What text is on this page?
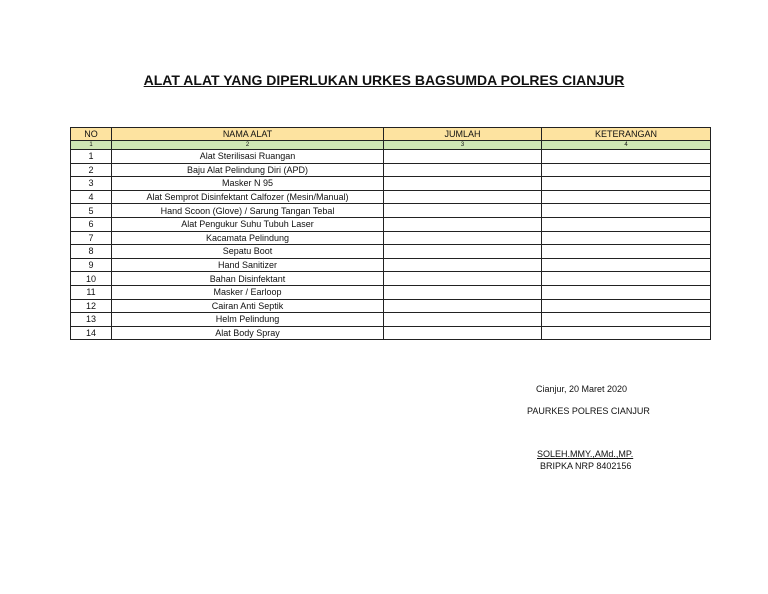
ALAT ALAT YANG DIPERLUKAN URKES BAGSUMDA POLRES CIANJUR
NO	NAMA ALAT	JUMLAH	KETERANGAN
1	2	3	4
1	Alat Sterilisasi Ruangan		
2	Baju Alat Pelindung Diri (APD)		
3	Masker N 95		
4	Alat Semprot Disinfektant Calfozer (Mesin/Manual)		
5	Hand Scoon (Glove) / Sarung Tangan Tebal		
6	Alat Pengukur Suhu Tubuh Laser		
7	Kacamata Pelindung		
8	Sepatu Boot		
9	Hand Sanitizer		
10	Bahan Disinfektant		
11	Masker / Earloop		
12	Cairan Anti Septik		
13	Helm Pelindung		
14	Alat Body Spray		
Cianjur, 20 Maret 2020
PAURKES POLRES CIANJUR
SOLEH.MMY.,AMd.,MP.
BRIPKA NRP 8402156
